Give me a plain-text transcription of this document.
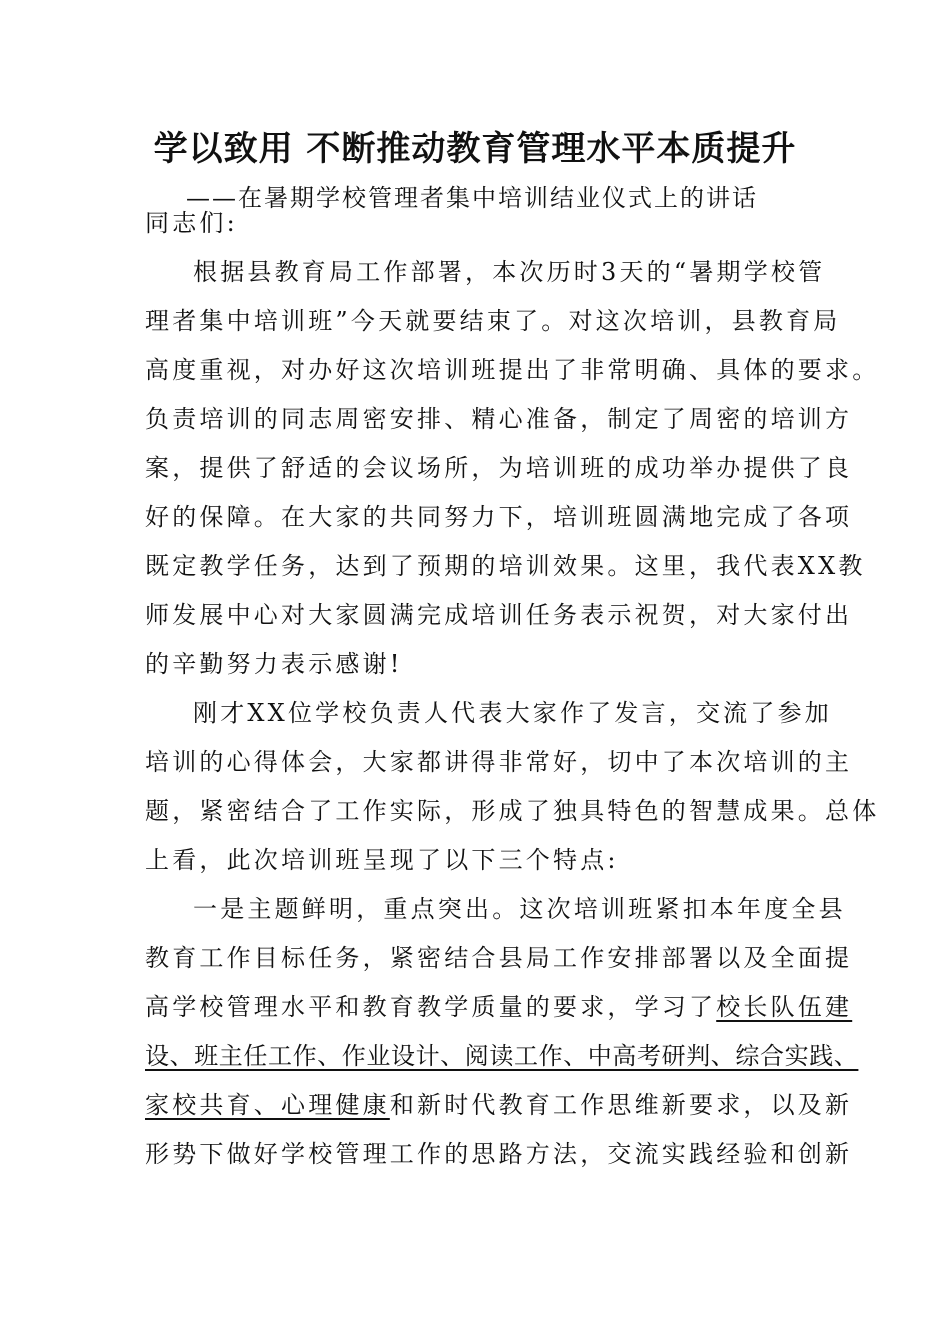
学以致用 不断推动教育管理水平本质提升
——在暑期学校管理者集中培训结业仪式上的讲话
同志们:
根据县教育局工作部署，本次历时3天的“暑期学校管
理者集中培训班”今天就要结束了。对这次培训，县教育局
高度重视，对办好这次培训班提出了非常明确、具体的要求。
负责培训的同志周密安排、精心准备，制定了周密的培训方
案，提供了舒适的会议场所，为培训班的成功举办提供了良
好的保障。在大家的共同努力下，培训班圆满地完成了各项
既定教学任务，达到了预期的培训效果。这里，我代表XX教
师发展中心对大家圆满完成培训任务表示祝贺，对大家付出
的辛勤努力表示感谢!
刚才XX位学校负责人代表大家作了发言，交流了参加
培训的心得体会，大家都讲得非常好，切中了本次培训的主
题，紧密结合了工作实际，形成了独具特色的智慧成果。总体
上看，此次培训班呈现了以下三个特点:
一是主题鲜明，重点突出。这次培训班紧扣本年度全县
教育工作目标任务，紧密结合县局工作安排部署以及全面提
高学校管理水平和教育教学质量的要求，学习了校长队伍建
设、班主任工作、作业设计、阅读工作、中高考研判、综合实践、
家校共育、心理健康和新时代教育工作思维新要求，以及新
形势下做好学校管理工作的思路方法，交流实践经验和创新
